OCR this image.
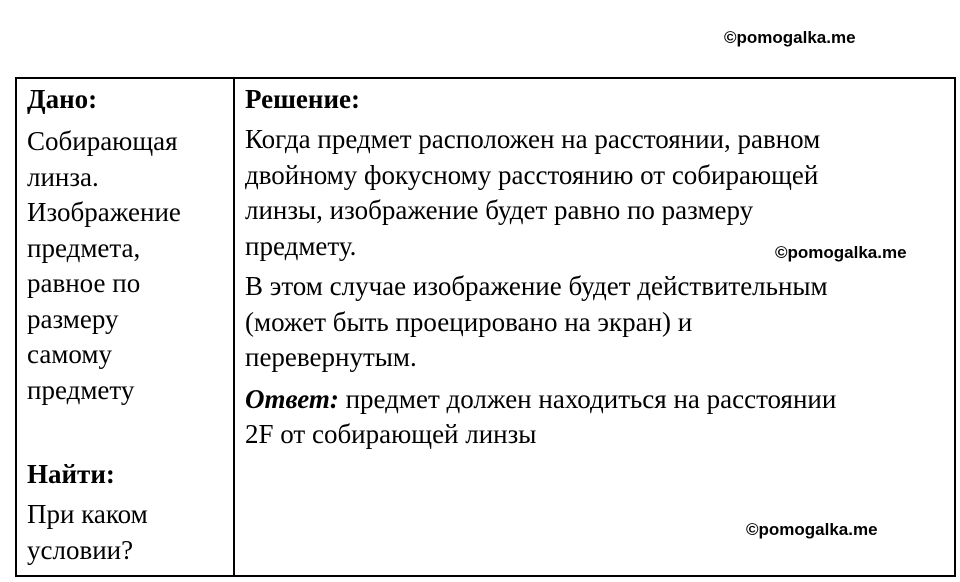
©pomogalka.me

Дано:

Собирающая
линза.
Изображение
предмета,
равное по
размеру
самому
предмету

Найти:

При каком
условии?

Решение:

Когда предмет расположен на расстоянии, равном
двойному фокусному расстоянию от собирающей
линзы, изображение будет равно по размеру
предмету.
В этом случае изображение будет действительным
(может быть проецировано на экран) и
перевернутым.
Ответ: предмет должен находиться на расстоянии
2F от собирающей линзы
©pomogalka.me
©pomogalka.me
